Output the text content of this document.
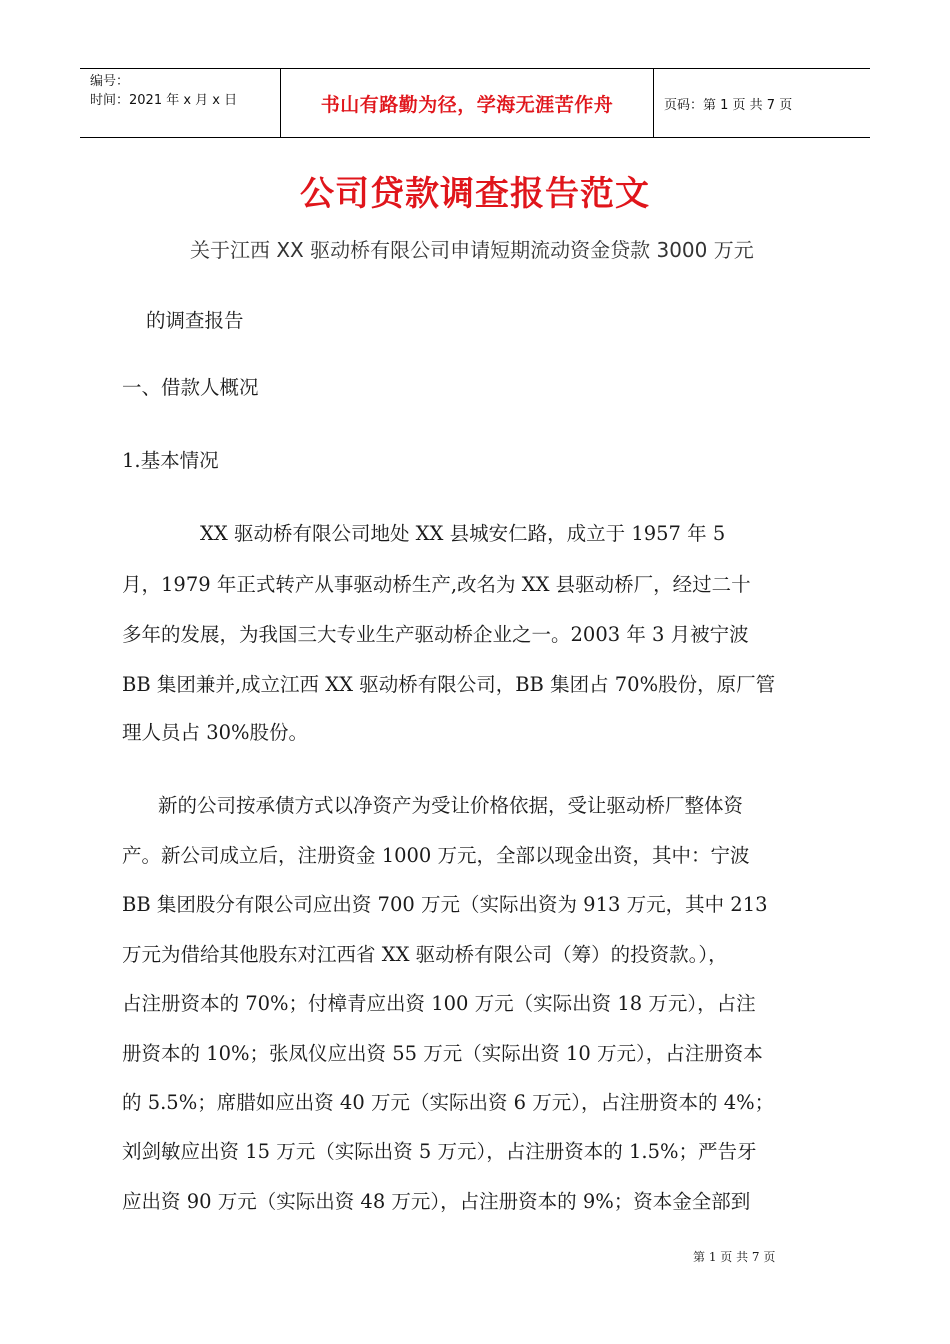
编号：
时间：2021 年 x 月 x 日	书山有路勤为径，学海无涯苦作舟	页码：第 1 页 共 7 页
公司贷款调查报告范文
关于江西 XX 驱动桥有限公司申请短期流动资金贷款 3000 万元
的调查报告
一、借款人概况
1.基本情况
XX 驱动桥有限公司地处 XX 县城安仁路，成立于 1957 年 5
月，1979 年正式转产从事驱动桥生产,改名为 XX 县驱动桥厂，经过二十
多年的发展，为我国三大专业生产驱动桥企业之一。2003 年 3 月被宁波
BB 集团兼并,成立江西 XX 驱动桥有限公司，BB 集团占 70%股份，原厂管
理人员占 30%股份。
新的公司按承债方式以净资产为受让价格依据，受让驱动桥厂整体资
产。新公司成立后，注册资金 1000 万元，全部以现金出资，其中：宁波
BB 集团股分有限公司应出资 700 万元（实际出资为 913 万元，其中 213
万元为借给其他股东对江西省 XX 驱动桥有限公司（筹）的投资款。），
占注册资本的 70%；付樟青应出资 100 万元（实际出资 18 万元），占注
册资本的 10%；张凤仪应出资 55 万元（实际出资 10 万元），占注册资本
的 5.5%；席腊如应出资 40 万元（实际出资 6 万元），占注册资本的 4%；
刘剑敏应出资 15 万元（实际出资 5 万元），占注册资本的 1.5%；严告牙
应出资 90 万元（实际出资 48 万元），占注册资本的 9%；资本金全部到
第 1 页 共 7 页
